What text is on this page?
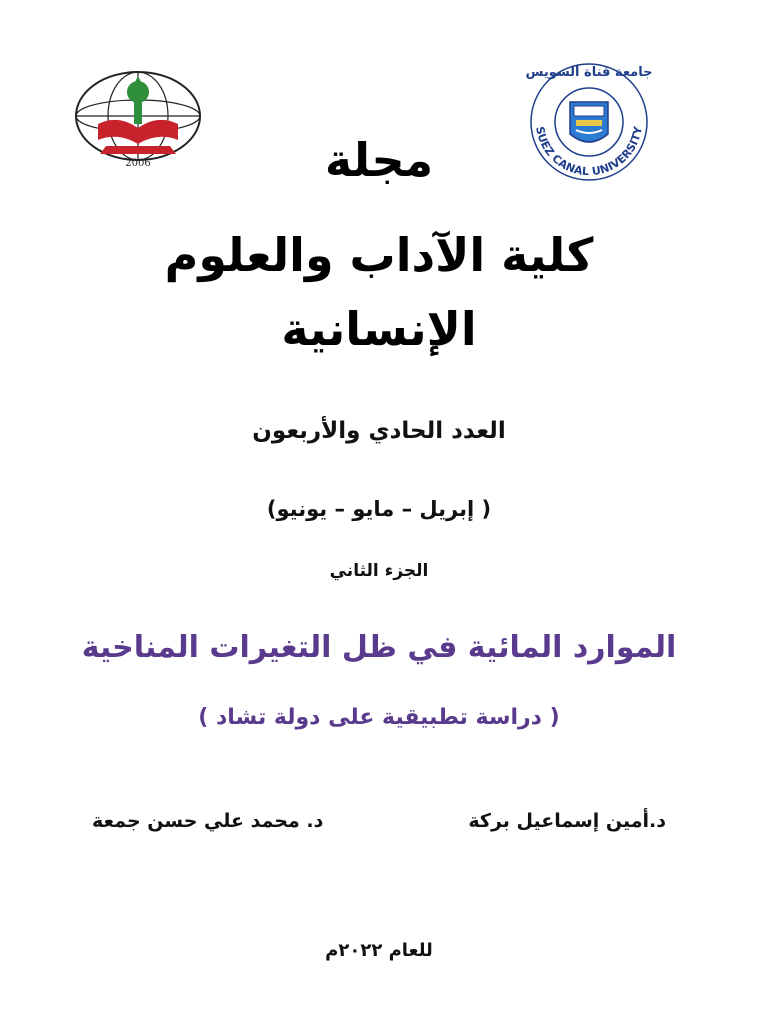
2006
SUEZ CANAL UNIVERSITY
جامعة قناة السويس
مجلة
كلية الآداب والعلوم
الإنسانية
العدد الحادي والأربعون
( إبريل – مايو – يونيو)
الجزء الثاني
الموارد المائية في ظل التغيرات المناخية
( دراسة تطبيقية على دولة تشاد )
د.أمين إسماعيل بركة
د. محمد علي حسن جمعة
للعام ٢٠٢٢م
